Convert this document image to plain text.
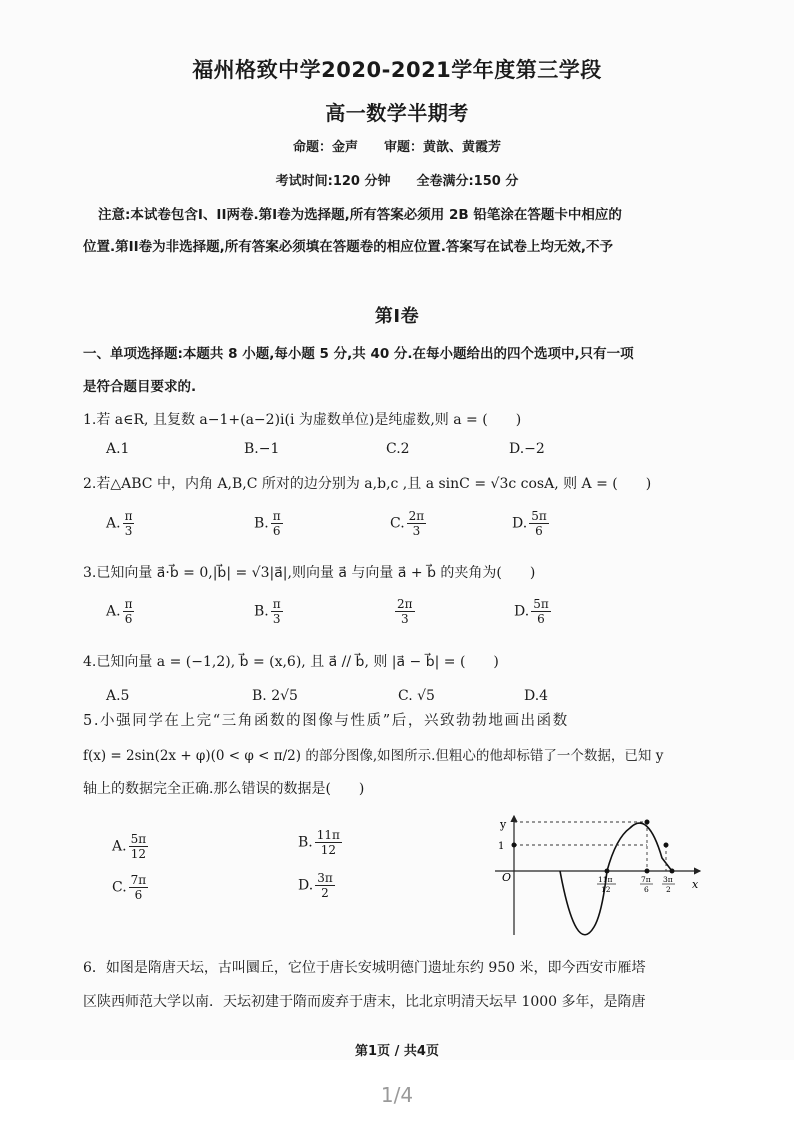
福州格致中学2020-2021学年度第三学段
高一数学半期考
命题：金声　　审题：黄歆、黄霞芳
考试时间:120 分钟　　全卷满分:150 分
注意:本试卷包含I、II两卷.第I卷为选择题,所有答案必须用 2B 铅笔涂在答题卡中相应的
位置.第II卷为非选择题,所有答案必须填在答题卷的相应位置.答案写在试卷上均无效,不予
第I卷
一、单项选择题:本题共 8 小题,每小题 5 分,共 40 分.在每小题给出的四个选项中,只有一项
是符合题目要求的.
1.若 a∈R, 且复数 a−1+(a−2)i(i 为虚数单位)是纯虚数,则 a = (　　)
A.1	B.−1	C.2	D.−2
2.若△ABC 中，内角 A,B,C 所对的边分别为 a,b,c ,且 a sinC = √3c cosA, 则 A = (　　)
A. $\frac{\pi}{3}$	B. $\frac{\pi}{6}$	C. $\frac{2\pi}{3}$	D. $\frac{5\pi}{6}$
3.已知向量 a⃗·b⃗ = 0,|b⃗| = √3|a⃗|,则向量 a⃗ 与向量 a⃗ + b⃗ 的夹角为(　　)
A. $\frac{\pi}{6}$	B. $\frac{\pi}{3}$	$\frac{2\pi}{3}$	D. $\frac{5\pi}{6}$
4.已知向量 a = (−1,2), b⃗ = (x,6), 且 a⃗ // b⃗, 则 |a⃗ − b⃗| = (　　)
A.5	B. 2√5	C. √5	D.4
5.小强同学在上完“三角函数的图像与性质”后，兴致勃勃地画出函数
f(x) = 2sin(2x + φ)(0 < φ < π/2) 的部分图像,如图所示.但粗心的他却标错了一个数据，已知 y
轴上的数据完全正确.那么错误的数据是(　　)
A. $\frac{5\pi}{12}$	B. $\frac{11\pi}{12}$
C. $\frac{7\pi}{6}$	D. $\frac{3\pi}{2}$
y
x
O
1
11π
12
7π
6
3π
2
6．如图是隋唐天坛，古叫圜丘，它位于唐长安城明德门遗址东约 950 米，即今西安市雁塔
区陕西师范大学以南．天坛初建于隋而废弃于唐末，比北京明清天坛早 1000 多年，是隋唐
第1页 / 共4页
1/4
